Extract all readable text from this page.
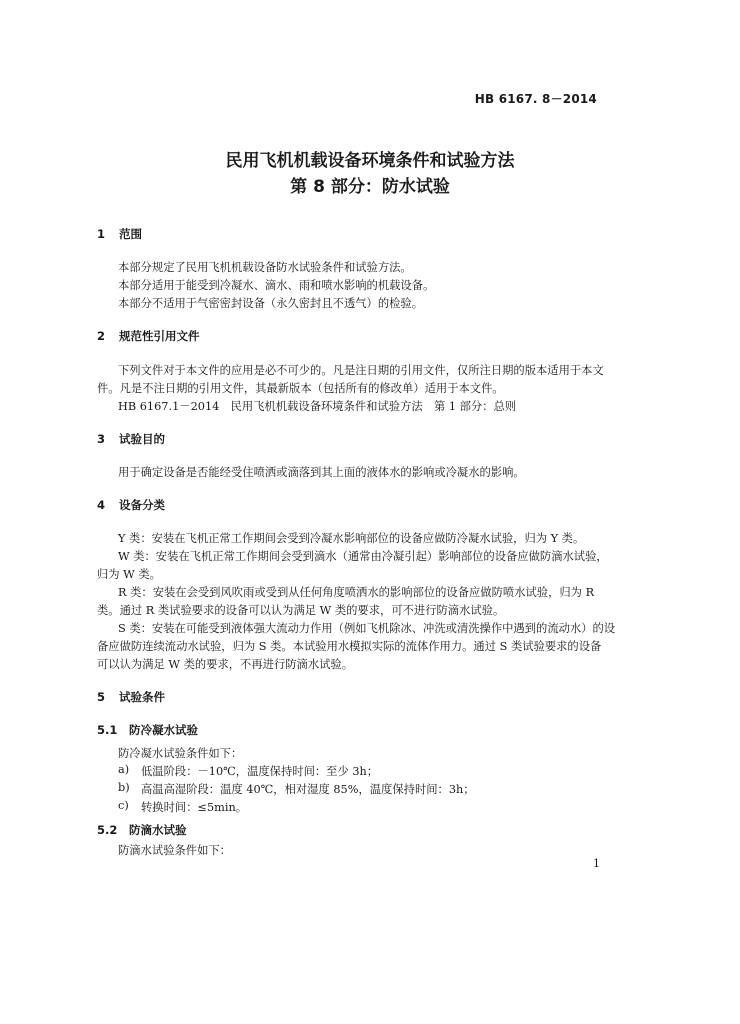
HB 6167. 8－2014
民用飞机机载设备环境条件和试验方法
第 8 部分：防水试验
1 范围
本部分规定了民用飞机机载设备防水试验条件和试验方法。
本部分适用于能受到冷凝水、滴水、雨和喷水影响的机载设备。
本部分不适用于气密密封设备（永久密封且不透气）的检验。
2 规范性引用文件
下列文件对于本文件的应用是必不可少的。凡是注日期的引用文件，仅所注日期的版本适用于本文
件。凡是不注日期的引用文件，其最新版本（包括所有的修改单）适用于本文件。
HB 6167.1－2014　民用飞机机载设备环境条件和试验方法　第 1 部分：总则
3 试验目的
用于确定设备是否能经受住喷洒或滴落到其上面的液体水的影响或冷凝水的影响。
4 设备分类
Y 类：安装在飞机正常工作期间会受到冷凝水影响部位的设备应做防冷凝水试验，归为 Y 类。
W 类：安装在飞机正常工作期间会受到滴水（通常由冷凝引起）影响部位的设备应做防滴水试验，
归为 W 类。
R 类：安装在会受到风吹雨或受到从任何角度喷洒水的影响部位的设备应做防喷水试验，归为 R
类。通过 R 类试验要求的设备可以认为满足 W 类的要求，可不进行防滴水试验。
S 类：安装在可能受到液体强大流动力作用（例如飞机除冰、冲洗或清洗操作中遇到的流动水）的设
备应做防连续流动水试验，归为 S 类。本试验用水模拟实际的流体作用力。通过 S 类试验要求的设备
可以认为满足 W 类的要求，不再进行防滴水试验。
5 试验条件
5.1 防冷凝水试验
防冷凝水试验条件如下：
a) 低温阶段：－10℃，温度保持时间：至少 3h；
b) 高温高湿阶段：温度 40℃，相对湿度 85%，温度保持时间：3h；
c) 转换时间：≤5min。
5.2 防滴水试验
防滴水试验条件如下：
1
